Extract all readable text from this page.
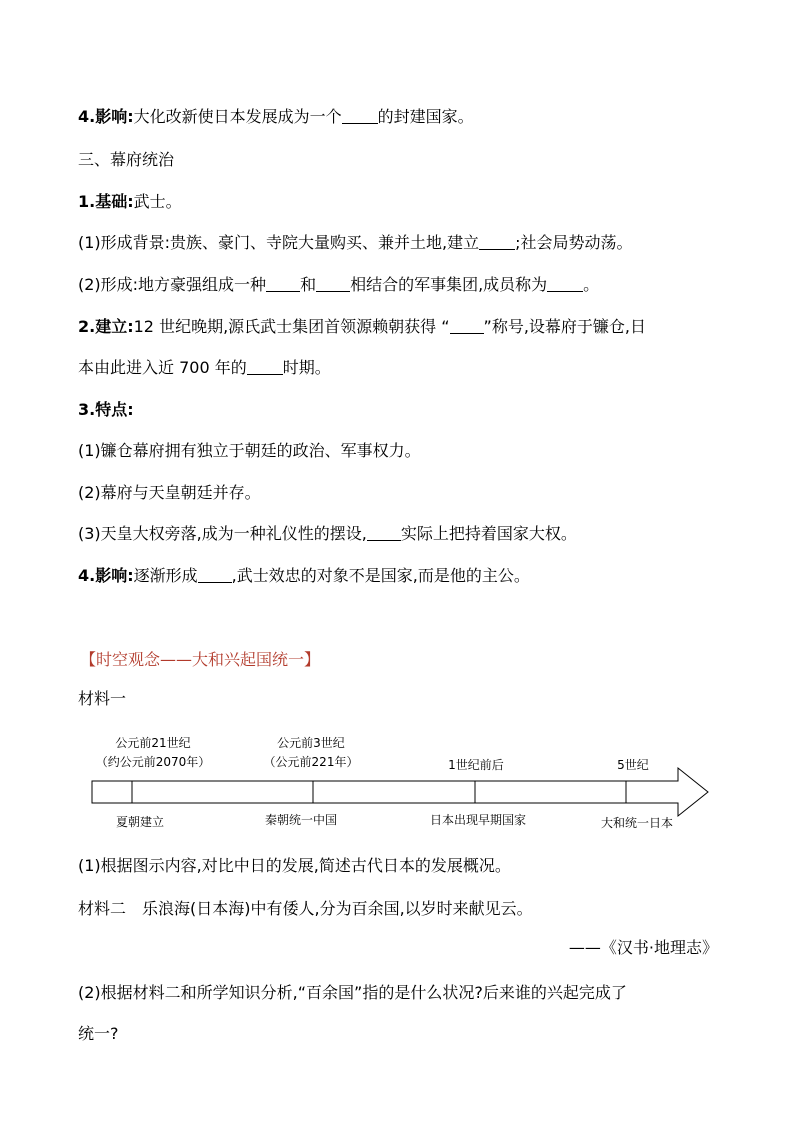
4.影响:大化改新使日本发展成为一个 的封建国家。
三、幕府统治
1.基础:武士。
(1)形成背景:贵族、豪门、寺院大量购买、兼并土地,建立 ;社会局势动荡。
(2)形成:地方豪强组成一种 和 相结合的军事集团,成员称为 。
2.建立:12 世纪晚期,源氏武士集团首领源赖朝获得 “ ”称号,设幕府于镰仓,日
本由此进入近 700 年的 时期。
3.特点:
(1)镰仓幕府拥有独立于朝廷的政治、军事权力。
(2)幕府与天皇朝廷并存。
(3)天皇大权旁落,成为一种礼仪性的摆设, 实际上把持着国家大权。
4.影响:逐渐形成 ,武士效忠的对象不是国家,而是他的主公。
【时空观念——大和兴起国统一】
材料一
公元前21世纪
（约公元前2070年）
公元前3世纪
（公元前221年）	1世纪前后	5世纪
夏朝建立	秦朝统一中国	日本出现早期国家	大和统一日本
(1)根据图示内容,对比中日的发展,简述古代日本的发展概况。
材料二　乐浪海(日本海)中有倭人,分为百余国,以岁时来献见云。
——《汉书·地理志》
(2)根据材料二和所学知识分析,“百余国”指的是什么状况?后来谁的兴起完成了
统一?
